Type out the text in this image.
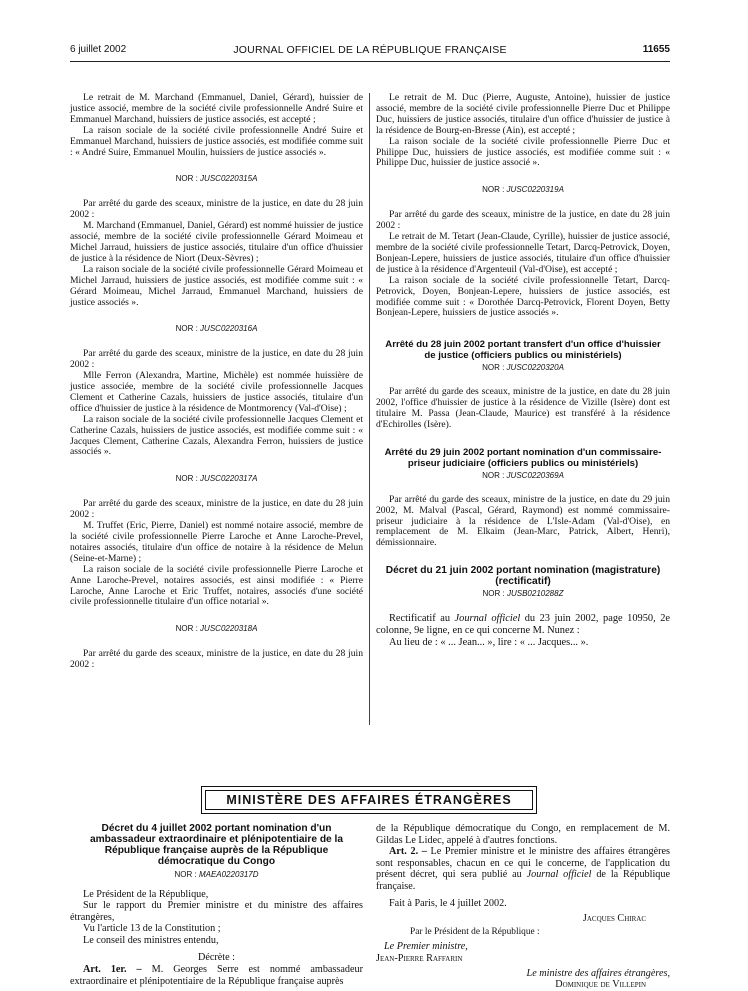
6 juillet 2002	JOURNAL OFFICIEL DE LA RÉPUBLIQUE FRANÇAISE	11655

Le retrait de M. Marchand (Emmanuel, Daniel, Gérard), huissier de justice associé, membre de la société civile professionnelle André Suire et Emmanuel Marchand, huissiers de justice associés, est accepté ;

La raison sociale de la société civile professionnelle André Suire et Emmanuel Marchand, huissiers de justice associés, est modifiée comme suit : « André Suire, Emmanuel Moulin, huissiers de justice associés ».

NOR : JUSC0220315A

Par arrêté du garde des sceaux, ministre de la justice, en date du 28 juin 2002 :

M. Marchand (Emmanuel, Daniel, Gérard) est nommé huissier de justice associé, membre de la société civile professionnelle Gérard Moimeau et Michel Jarraud, huissiers de justice associés, titulaire d'un office d'huissier de justice à la résidence de Niort (Deux-Sèvres) ;

La raison sociale de la société civile professionnelle Gérard Moimeau et Michel Jarraud, huissiers de justice associés, est modifiée comme suit : « Gérard Moimeau, Michel Jarraud, Emmanuel Marchand, huissiers de justice associés ».

NOR : JUSC0220316A

Par arrêté du garde des sceaux, ministre de la justice, en date du 28 juin 2002 :

Mlle Ferron (Alexandra, Martine, Michèle) est nommée huissière de justice associée, membre de la société civile professionnelle Jacques Clement et Catherine Cazals, huissiers de justice associés, titulaire d'un office d'huissier de justice à la résidence de Montmorency (Val-d'Oise) ;

La raison sociale de la société civile professionnelle Jacques Clement et Catherine Cazals, huissiers de justice associés, est modifiée comme suit : « Jacques Clement, Catherine Cazals, Alexandra Ferron, huissiers de justice associés ».

NOR : JUSC0220317A

Par arrêté du garde des sceaux, ministre de la justice, en date du 28 juin 2002 :

M. Truffet (Eric, Pierre, Daniel) est nommé notaire associé, membre de la société civile professionnelle Pierre Laroche et Anne Laroche-Prevel, notaires associés, titulaire d'un office de notaire à la résidence de Melun (Seine-et-Marne) ;

La raison sociale de la société civile professionnelle Pierre Laroche et Anne Laroche-Prevel, notaires associés, est ainsi modifiée : « Pierre Laroche, Anne Laroche et Eric Truffet, notaires, associés d'une société civile professionnelle titulaire d'un office notarial ».

NOR : JUSC0220318A

Par arrêté du garde des sceaux, ministre de la justice, en date du 28 juin 2002 :

Le retrait de M. Duc (Pierre, Auguste, Antoine), huissier de justice associé, membre de la société civile professionnelle Pierre Duc et Philippe Duc, huissiers de justice associés, titulaire d'un office d'huissier de justice à la résidence de Bourg-en-Bresse (Ain), est accepté ;

La raison sociale de la société civile professionnelle Pierre Duc et Philippe Duc, huissiers de justice associés, est modifiée comme suit : « Philippe Duc, huissier de justice associé ».

NOR : JUSC0220319A

Par arrêté du garde des sceaux, ministre de la justice, en date du 28 juin 2002 :

Le retrait de M. Tetart (Jean-Claude, Cyrille), huissier de justice associé, membre de la société civile professionnelle Tetart, Darcq-Petrovick, Doyen, Bonjean-Lepere, huissiers de justice associés, titulaire d'un office d'huissier de justice à la résidence d'Argenteuil (Val-d'Oise), est accepté ;

La raison sociale de la société civile professionnelle Tetart, Darcq-Petrovick, Doyen, Bonjean-Lepere, huissiers de justice associés, est modifiée comme suit : « Dorothée Darcq-Petrovick, Florent Doyen, Betty Bonjean-Lepere, huissiers de justice associés ».

Arrêté du 28 juin 2002 portant transfert d'un office d'huissier de justice (officiers publics ou ministériels)
NOR : JUSC0220320A

Par arrêté du garde des sceaux, ministre de la justice, en date du 28 juin 2002, l'office d'huissier de justice à la résidence de Vizille (Isère) dont est titulaire M. Passa (Jean-Claude, Maurice) est transféré à la résidence d'Echirolles (Isère).

Arrêté du 29 juin 2002 portant nomination d'un commissaire-priseur judiciaire (officiers publics ou ministériels)
NOR : JUSC0220369A

Par arrêté du garde des sceaux, ministre de la justice, en date du 29 juin 2002, M. Malval (Pascal, Gérard, Raymond) est nommé commissaire-priseur judiciaire à la résidence de L'Isle-Adam (Val-d'Oise), en remplacement de M. Elkaim (Jean-Marc, Patrick, Albert, Henri), démissionnaire.

Décret du 21 juin 2002 portant nomination (magistrature) (rectificatif)
NOR : JUSB0210288Z

Rectificatif au Journal officiel du 23 juin 2002, page 10950, 2e colonne, 9e ligne, en ce qui concerne M. Nunez :

Au lieu de : « ... Jean... », lire : « ... Jacques... ».

MINISTÈRE DES AFFAIRES ÉTRANGÈRES
Décret du 4 juillet 2002 portant nomination d'un ambassadeur extraordinaire et plénipotentiaire de la République française auprès de la République démocratique du Congo
NOR : MAEA0220317D

Le Président de la République,

Sur le rapport du Premier ministre et du ministre des affaires étrangères,

Vu l'article 13 de la Constitution ;

Le conseil des ministres entendu,

Décrète :

Art. 1er. – M. Georges Serre est nommé ambassadeur extraordinaire et plénipotentiaire de la République française auprès

de la République démocratique du Congo, en remplacement de M. Gildas Le Lidec, appelé à d'autres fonctions.

Art. 2. – Le Premier ministre et le ministre des affaires étrangères sont responsables, chacun en ce qui le concerne, de l'application du présent décret, qui sera publié au Journal officiel de la République française.

Fait à Paris, le 4 juillet 2002.

Jacques Chirac

Par le Président de la République :

Le Premier ministre,

Jean-Pierre Raffarin

Le ministre des affaires étrangères,

Dominique de Villepin
